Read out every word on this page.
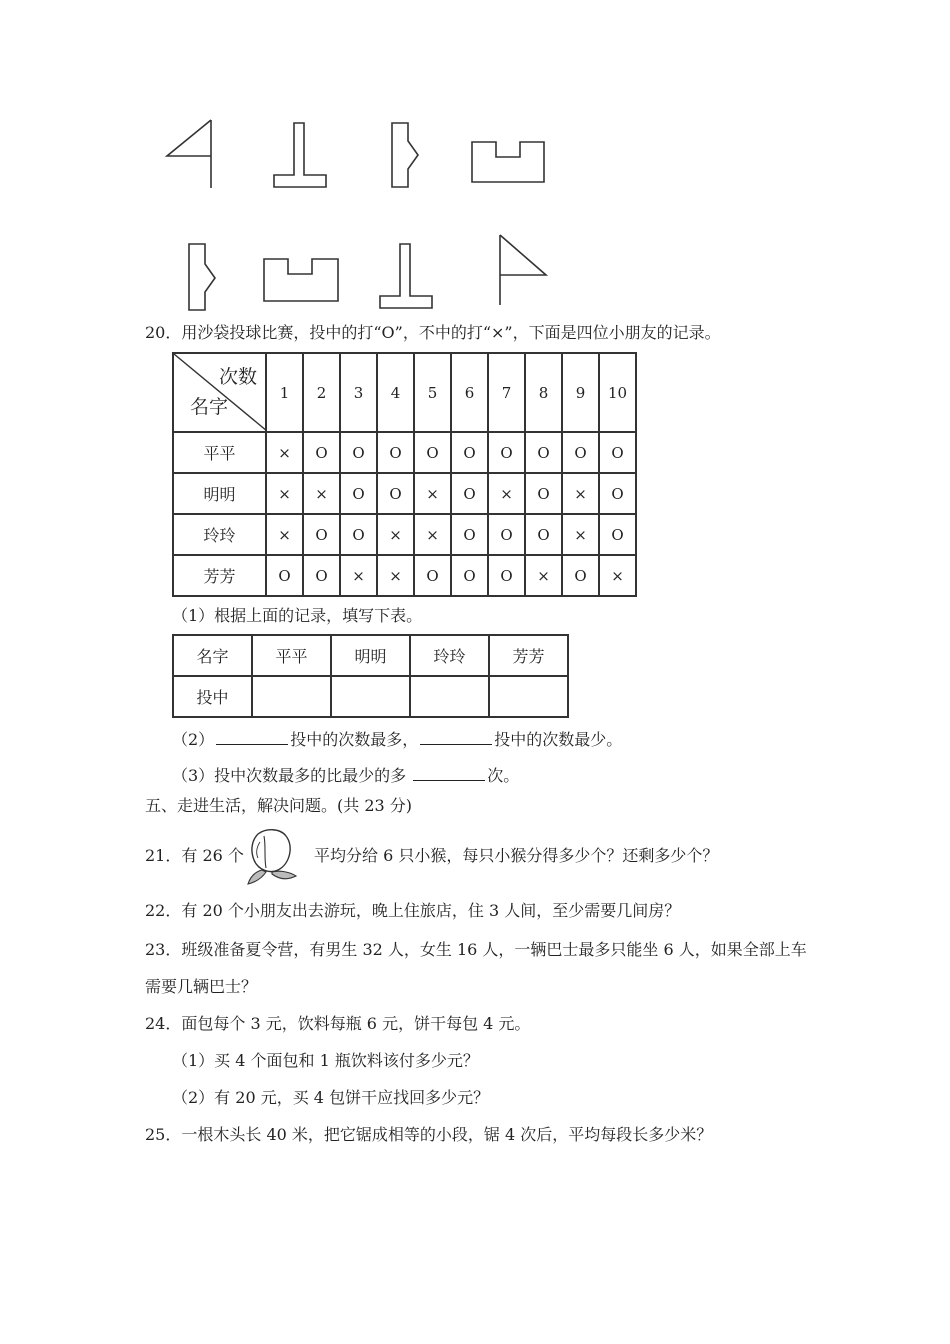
20．用沙袋投球比赛，投中的打“O”，不中的打“×”，下面是四位小朋友的记录。
次数
名字	1	2	3	4	5	6	7	8	9	10
平平	×	O	O	O	O	O	O	O	O	O
明明	×	×	O	O	×	O	×	O	×	O
玲玲	×	O	O	×	×	O	O	O	×	O
芳芳	O	O	×	×	O	O	O	×	O	×
（1）根据上面的记录，填写下表。
名字	平平	明明	玲玲	芳芳
投中				
（2）	投中的次数最多，	投中的次数最少。
（3）投中次数最多的比最少的多	次。
五、走进生活，解决问题。(共 23 分)
21．有 26 个	平均分给 6 只小猴，每只小猴分得多少个？还剩多少个？
22．有 20 个小朋友出去游玩，晚上住旅店，住 3 人间，至少需要几间房？
23．班级准备夏令营，有男生 32 人，女生 16 人，一辆巴士最多只能坐 6 人，如果全部上车
需要几辆巴士？
24．面包每个 3 元，饮料每瓶 6 元，饼干每包 4 元。
（1）买 4 个面包和 1 瓶饮料该付多少元？
（2）有 20 元，买 4 包饼干应找回多少元？
25．一根木头长 40 米，把它锯成相等的小段，锯 4 次后，平均每段长多少米？
